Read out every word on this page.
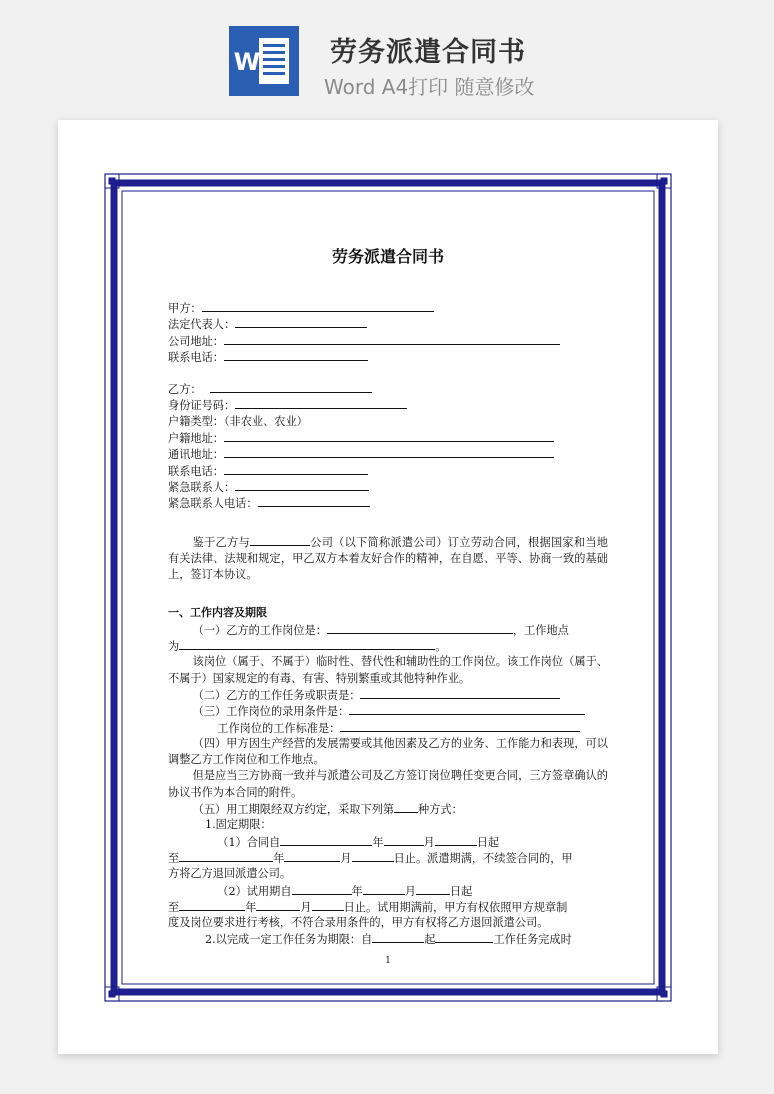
W	劳务派遣合同书
Word A4打印 随意修改
劳务派遣合同书
甲方：
法定代表人：
公司地址：
联系电话：
乙方：
身份证号码：
户籍类型：（非农业、农业）
户籍地址：
通讯地址：
联系电话：
紧急联系人：
紧急联系人电话：
鉴于乙方与	公司（以下简称派遣公司）订立劳动合同，根据国家和当地有关法律、法规和规定，甲乙双方本着友好合作的精神，在自愿、平等、协商一致的基础上，签订本协议。
一、工作内容及期限
（一）乙方的工作岗位是：	，工作地点
为	。
该岗位（属于、不属于）临时性、替代性和辅助性的工作岗位。该工作岗位（属于、不属于）国家规定的有毒、有害、特别繁重或其他特种作业。
（二）乙方的工作任务或职责是：
（三）工作岗位的录用条件是：
工作岗位的工作标准是：
（四）甲方因生产经营的发展需要或其他因素及乙方的业务、工作能力和表现，可以调整乙方工作岗位和工作地点。
但是应当三方协商一致并与派遣公司及乙方签订岗位聘任变更合同，三方签章确认的协议书作为本合同的附件。
（五）用工期限经双方约定，采取下列第 种方式：
1.固定期限：
（1）合同自	年	月	日起
至	年	月	日止。派遣期满，不续签合同的，甲
方将乙方退回派遣公司。
（2）试用期自	年	月	日起
至	年	月	日止。试用期满前，甲方有权依照甲方规章制
度及岗位要求进行考核，不符合录用条件的，甲方有权将乙方退回派遣公司。
2.以完成一定工作任务为期限：自	起	工作任务完成时
1
